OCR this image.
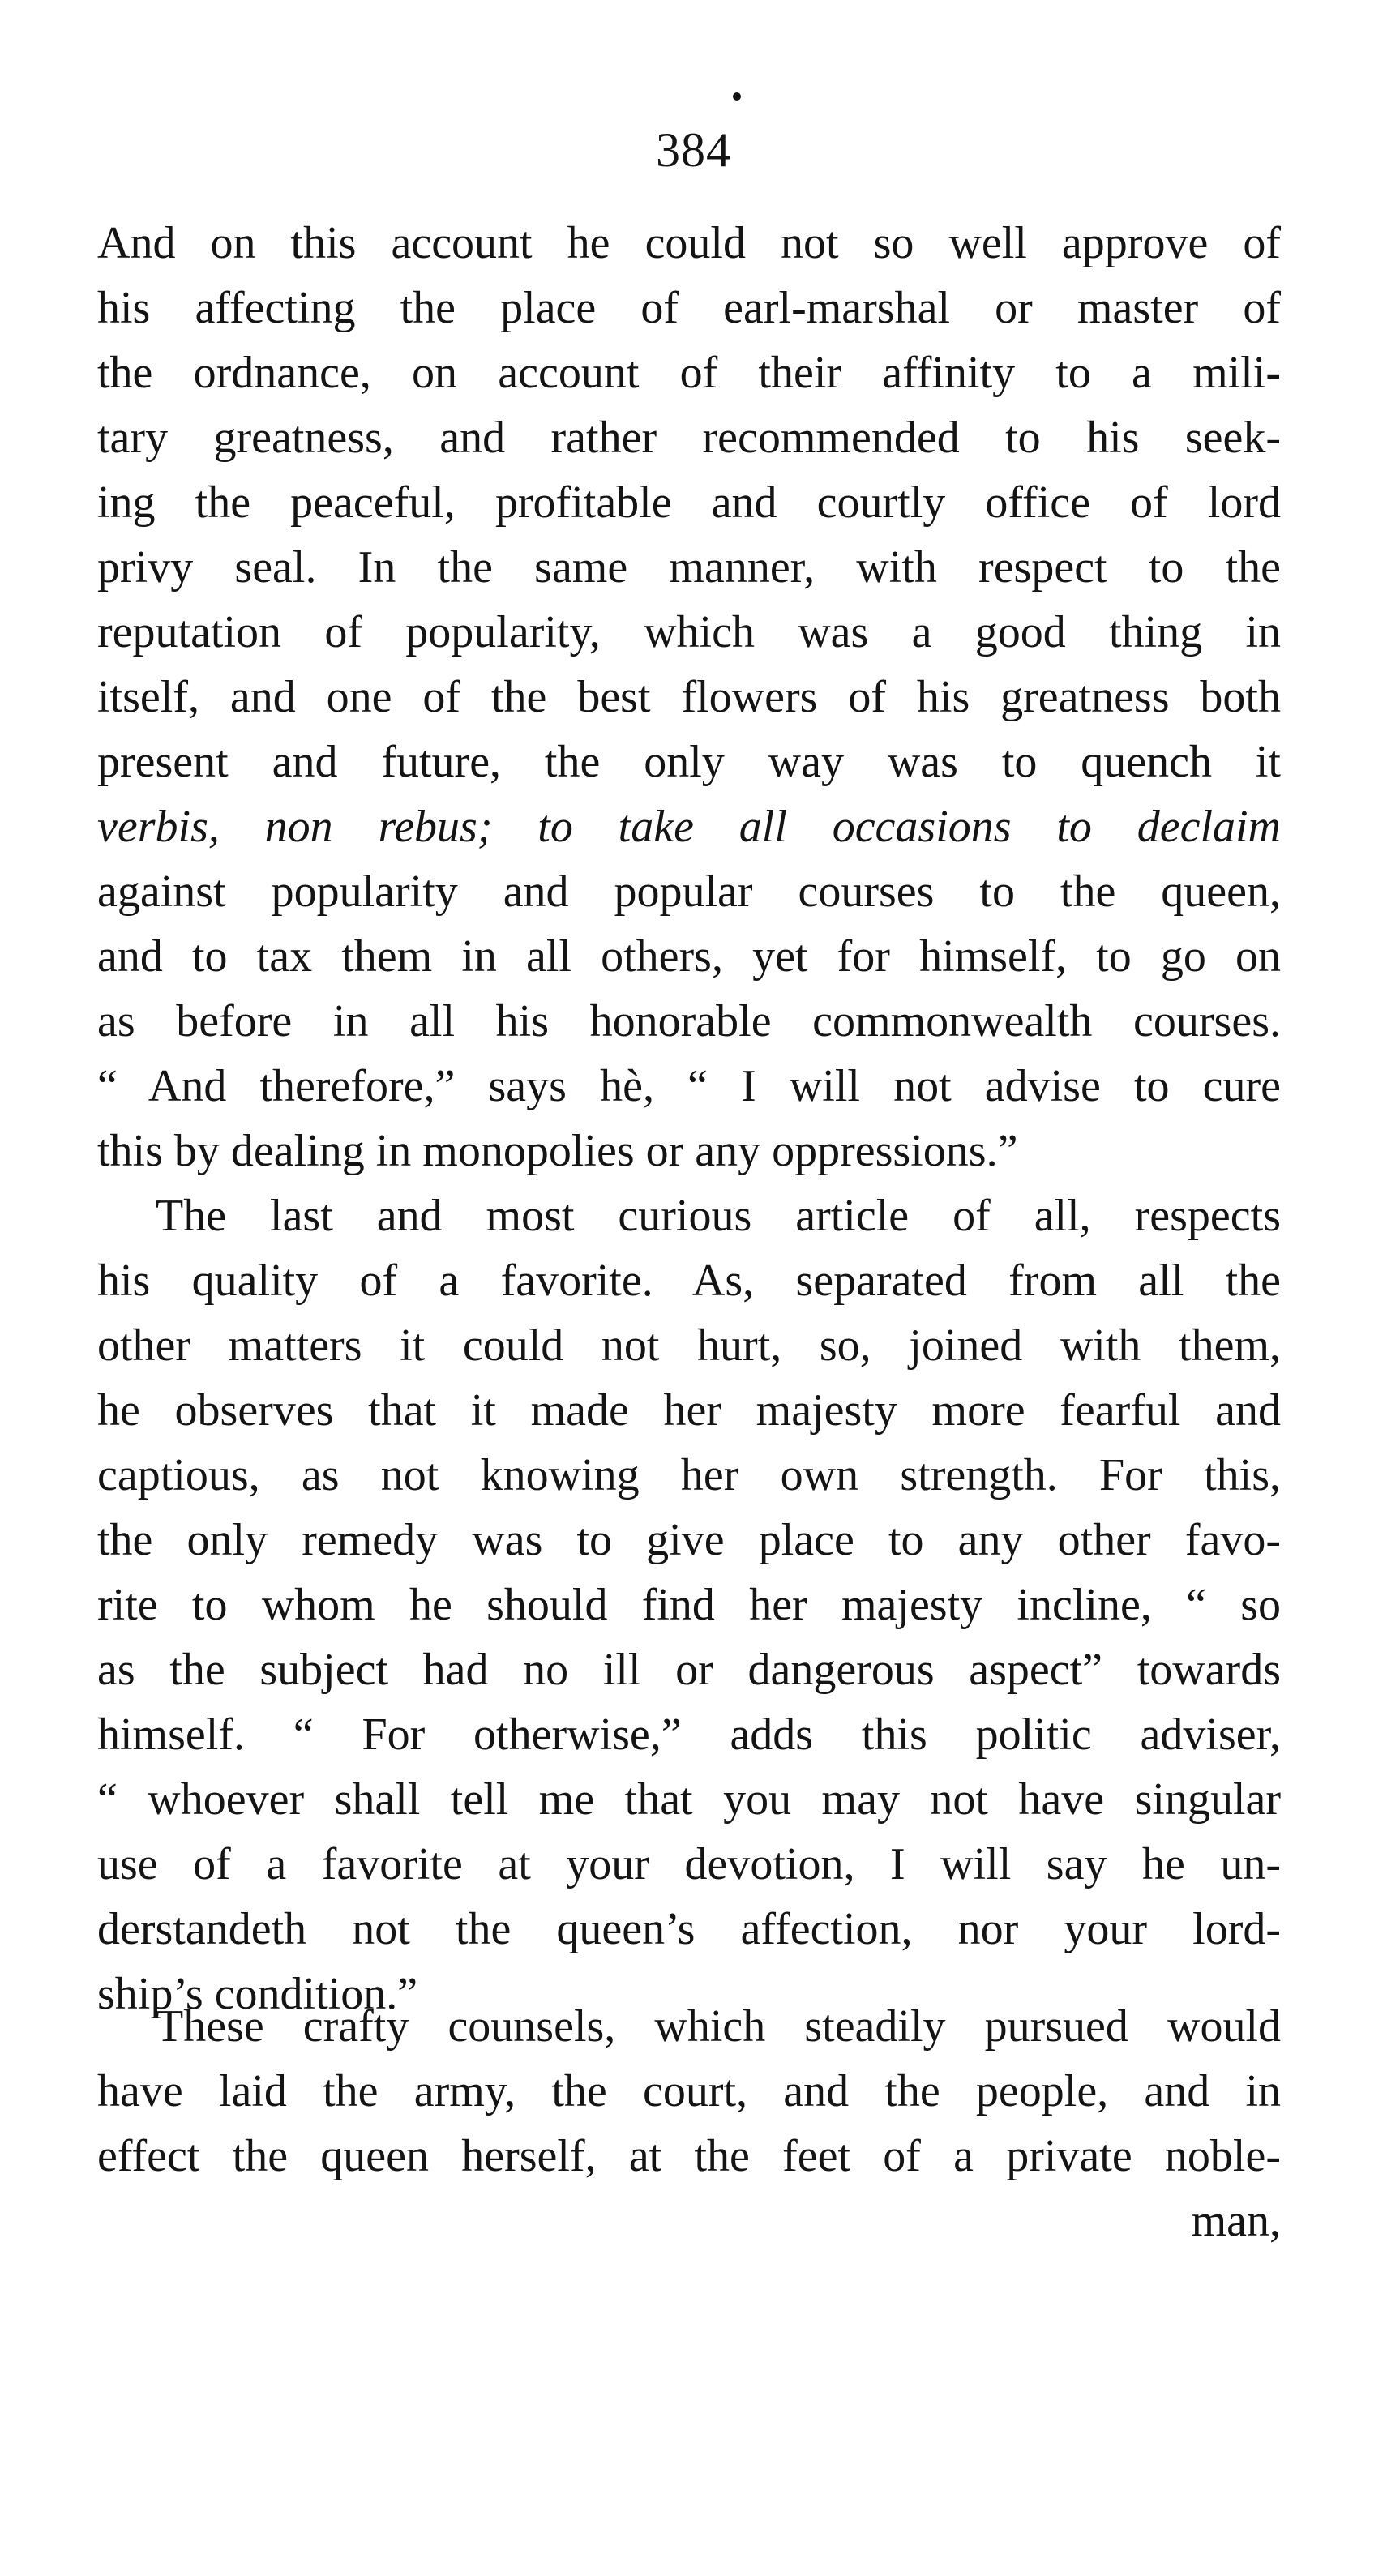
384
And on this account he could not so well approve of
his affecting the place of earl-marshal or master of
the ordnance, on account of their affinity to a mili-
tary greatness, and rather recommended to his seek-
ing the peaceful, profitable and courtly office of lord
privy seal. In the same manner, with respect to the
reputation of popularity, which was a good thing in
itself, and one of the best flowers of his greatness both
present and future, the only way was to quench it
verbis, non rebus; to take all occasions to declaim
against popularity and popular courses to the queen,
and to tax them in all others, yet for himself, to go on
as before in all his honorable commonwealth courses.
“ And therefore,” says hè, “ I will not advise to cure
this by dealing in monopolies or any oppressions.”
The last and most curious article of all, respects
his quality of a favorite. As, separated from all the
other matters it could not hurt, so, joined with them,
he observes that it made her majesty more fearful and
captious, as not knowing her own strength. For this,
the only remedy was to give place to any other favo-
rite to whom he should find her majesty incline, “ so
as the subject had no ill or dangerous aspect” towards
himself. “ For otherwise,” adds this politic adviser,
“ whoever shall tell me that you may not have singular
use of a favorite at your devotion, I will say he un-
derstandeth not the queen’s affection, nor your lord-
ship’s condition.”
These crafty counsels, which steadily pursued would
have laid the army, the court, and the people, and in
effect the queen herself, at the feet of a private noble-
man,
